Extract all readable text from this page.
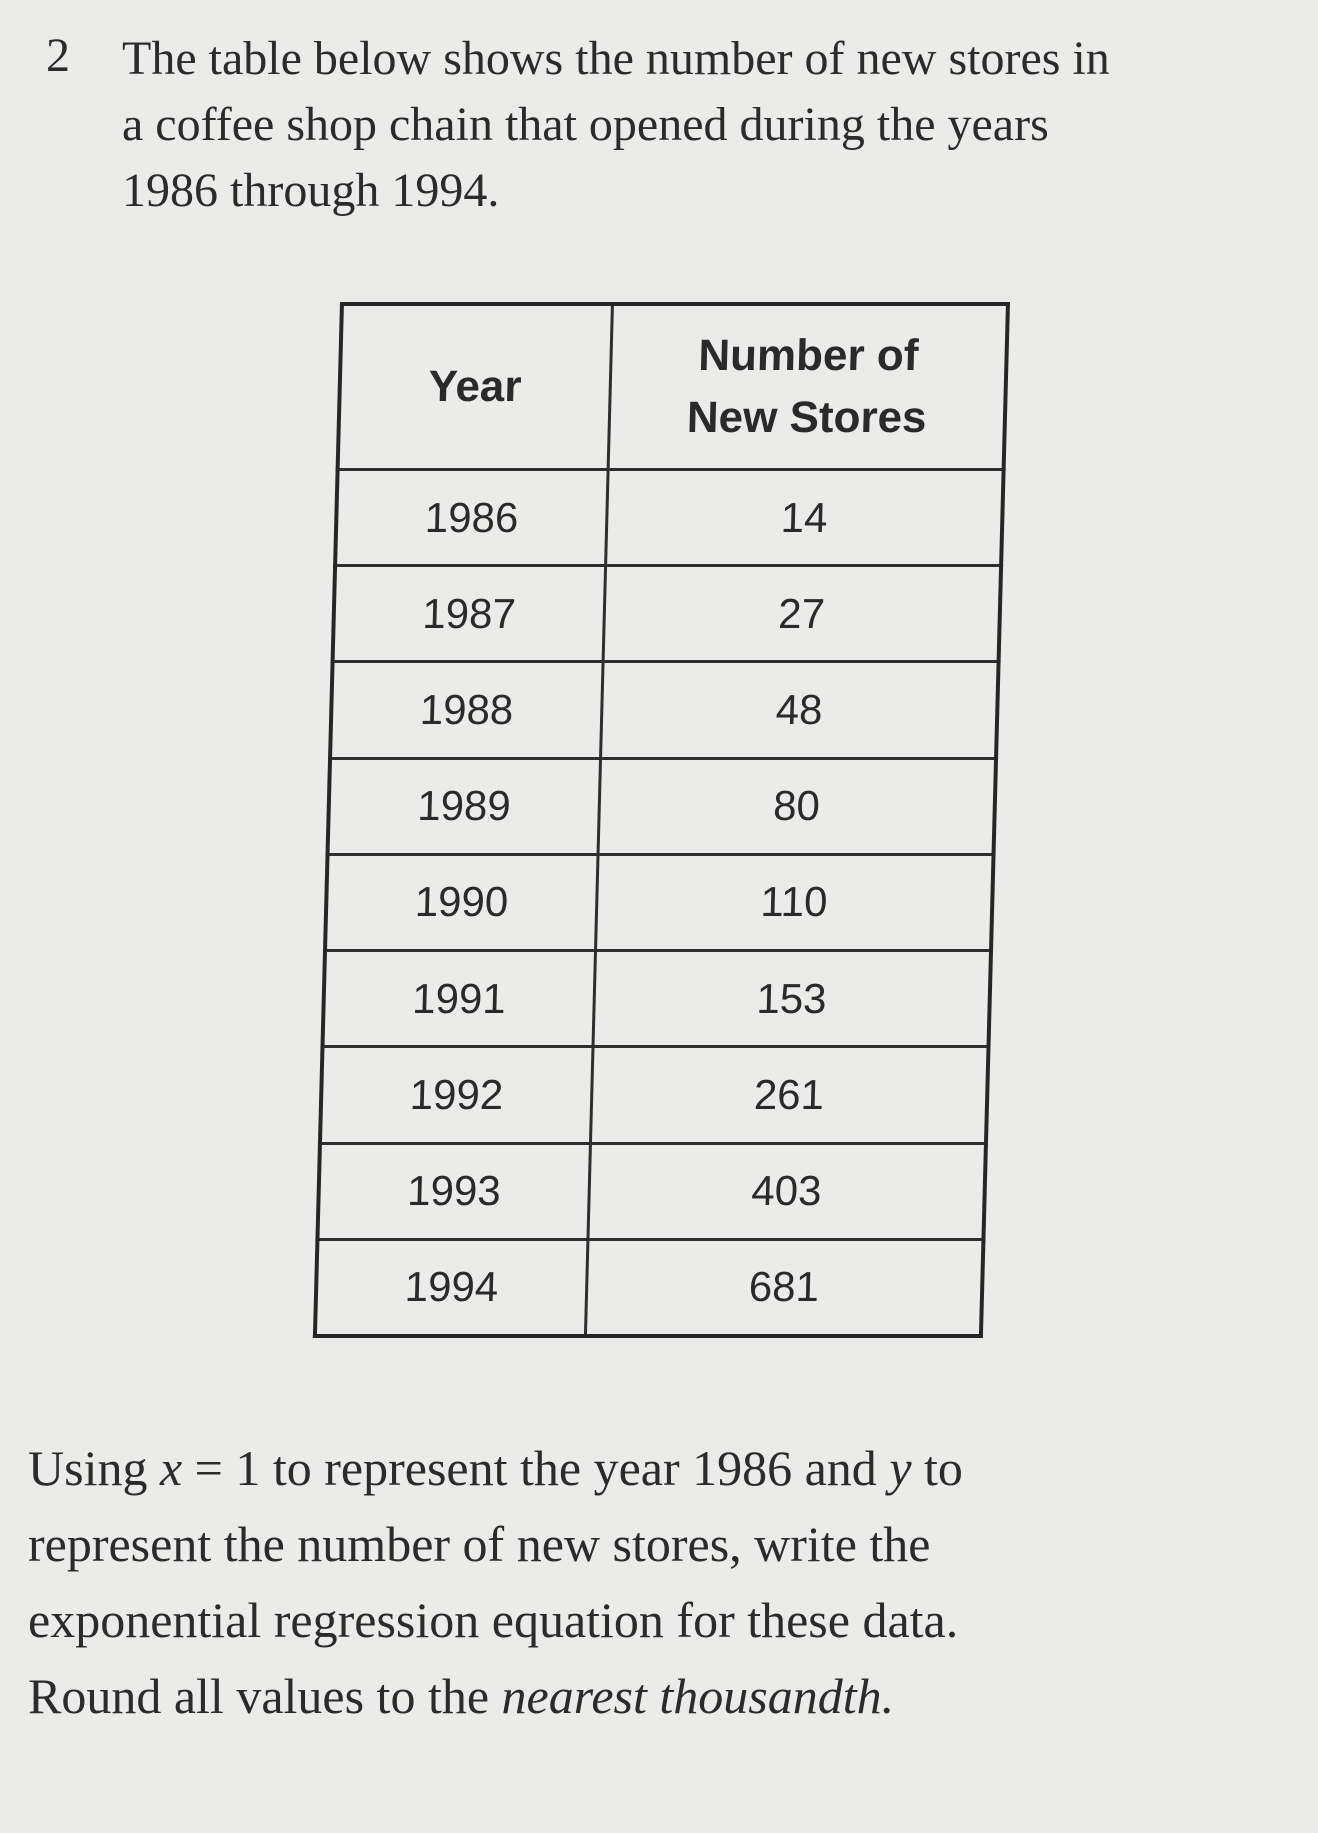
2 The table below shows the number of new stores in
a coffee shop chain that opened during the years
1986 through 1994.
Year	Number of
New Stores
1986	14
1987	27
1988	48
1989	80
1990	110
1991	153
1992	261
1993	403
1994	681
Using x = 1 to represent the year 1986 and y to
represent the number of new stores, write the
exponential regression equation for these data.
Round all values to the nearest thousandth.
